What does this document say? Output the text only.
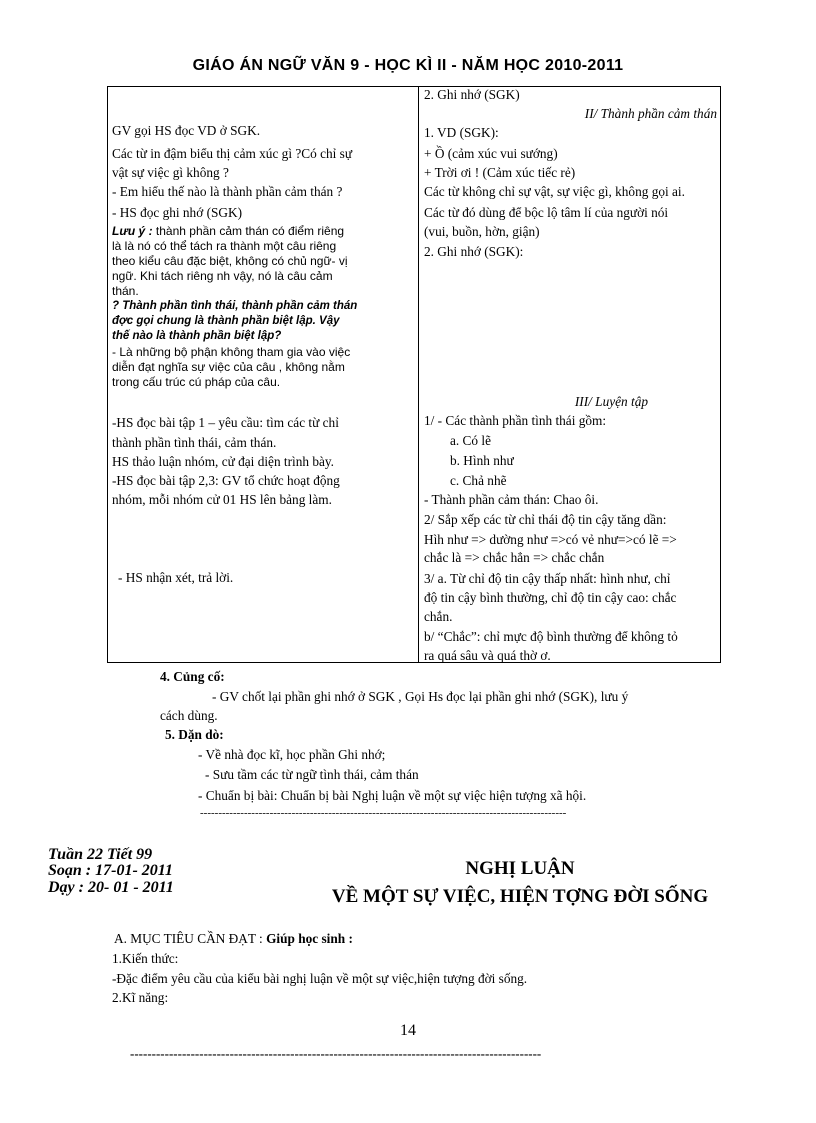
GIÁO ÁN NGỮ VĂN 9 - HỌC KÌ II - NĂM HỌC 2010-2011
GV gọi HS đọc VD ở SGK.
Các từ in đậm biểu thị cảm xúc gì ?Có chỉ sự
vật sự việc gì không ?
- Em hiểu thế nào là thành phần cảm thán ?
- HS đọc ghi nhớ (SGK)
Lưu ý : thành phần cảm thán có điểm riêng
là là nó có thể tách ra thành một câu riêng
theo kiểu câu đặc biệt, không có chủ ngữ- vị
ngữ. Khi tách riêng nh vậy, nó là câu cảm
thán.
? Thành phần tình thái, thành phần cảm thán
đợc gọi chung là thành phần biệt lập. Vậy
thế nào là thành phần biệt lập?
- Là những bộ phận không tham gia vào việc
diễn đạt nghĩa sự việc của câu , không nằm
trong cấu trúc cú pháp của câu.
-HS đọc bài tập 1 – yêu cầu: tìm các từ chỉ
thành phần tình thái, cảm thán.
HS thảo luận nhóm, cử đại diện trình bày.
-HS đọc bài tập 2,3: GV tổ chức hoạt động
nhóm, mỗi nhóm cử 01 HS lên bảng làm.
- HS nhận xét, trả lời.
2. Ghi nhớ (SGK)
II/ Thành phần cảm thán
1. VD (SGK):
+ Ồ (cảm xúc vui sướng)
+ Trời ơi ! (Cảm xúc tiếc rẻ)
Các từ không chỉ sự vật, sự việc gì, không gọi ai.
Các từ đó dùng để bộc lộ tâm lí của người nói
(vui, buồn, hờn, giận)
2. Ghi nhớ (SGK):
III/ Luyện tập
1/ - Các thành phần tình thái gồm:
a. Có lẽ
b. Hình như
c. Chả nhẽ
- Thành phần cảm thán: Chao ôi.
2/ Sắp xếp các từ chỉ thái độ tin cậy tăng dần:
Hìh như => dường như =>có vẻ như=>có lẽ =>
chắc là => chắc hẳn => chắc chắn
3/ a. Từ chỉ độ tin cậy thấp nhất: hình như, chỉ
độ tin cậy bình thường, chỉ độ tin cậy cao: chắc
chắn.
b/ “Chắc”: chỉ mực độ bình thường để không tỏ
ra quá sâu và quá thờ ơ.
4. Củng cố:
- GV chốt lại phần ghi nhớ ở SGK , Gọi Hs đọc lại phần ghi nhớ (SGK), lưu ý
cách dùng.
5. Dặn dò:
- Về nhà đọc kĩ, học phần Ghi nhớ;
- Sưu tầm các từ ngữ tình thái, cảm thán
- Chuẩn bị bài: Chuẩn bị bài Nghị luận về một sự việc hiện tượng xã hội.
----------------------------------------------------------------------------------------------------
Tuần 22 Tiết 99
Soạn : 17-01- 2011
Dạy : 20- 01 - 2011
NGHỊ LUẬN
VỀ MỘT SỰ VIỆC, HIỆN TỢNG ĐỜI SỐNG
A. MỤC TIÊU CẦN ĐẠT : Giúp học sinh :
1.Kiến thức:
-Đặc điểm yêu cầu của kiểu bài nghị luận về một sự việc,hiện tượng đời sống.
2.Kĩ năng:
14
-----------------------------------------------------------------------------------------------
